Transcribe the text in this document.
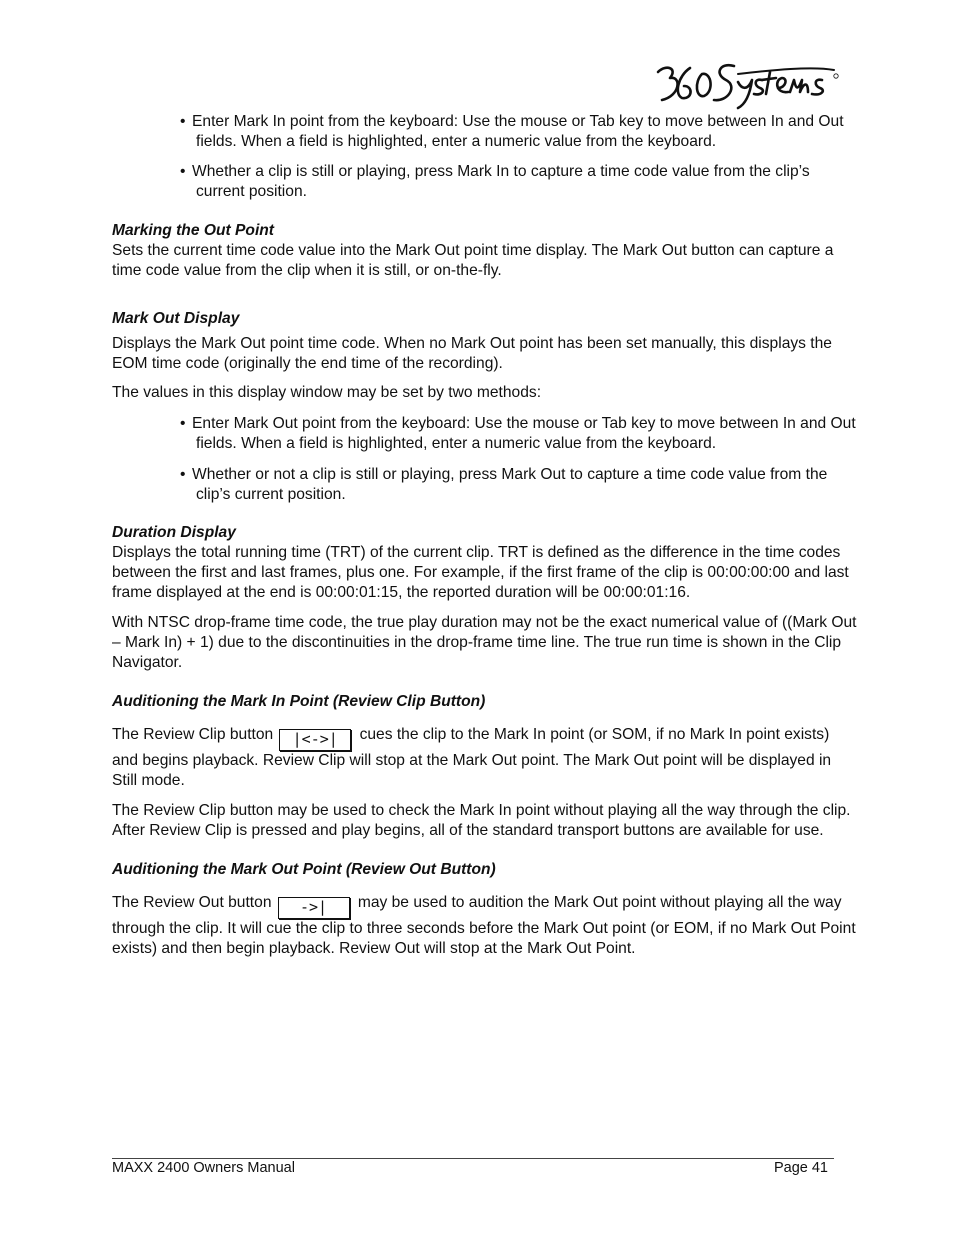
• Enter Mark In point from the keyboard: Use the mouse or Tab key to move between In and Out fields. When a field is highlighted, enter a numeric value from the keyboard.
• Whether a clip is still or playing, press Mark In to capture a time code value from the clip’s current position.
Marking the Out Point
Sets the current time code value into the Mark Out point time display. The Mark Out button can capture a time code value from the clip when it is still, or on-the-fly.
Mark Out Display
Displays the Mark Out point time code. When no Mark Out point has been set manually, this displays the EOM time code (originally the end time of the recording).
The values in this display window may be set by two methods:
• Enter Mark Out point from the keyboard: Use the mouse or Tab key to move between In and Out fields. When a field is highlighted, enter a numeric value from the keyboard.
• Whether or not a clip is still or playing, press Mark Out to capture a time code value from the clip’s current position.
Duration Display
Displays the total running time (TRT) of the current clip. TRT is defined as the difference in the time codes between the first and last frames, plus one. For example, if the first frame of the clip is 00:00:00:00 and last frame displayed at the end is 00:00:01:15, the reported duration will be 00:00:01:16.
With NTSC drop-frame time code, the true play duration may not be the exact numerical value of ((Mark Out – Mark In) + 1) due to the discontinuities in the drop-frame time line. The true run time is shown in the Clip Navigator.
Auditioning the Mark In Point (Review Clip Button)
The Review Clip button |<->| cues the clip to the Mark In point (or SOM, if no Mark In point exists) and begins playback. Review Clip will stop at the Mark Out point. The Mark Out point will be displayed in Still mode.
The Review Clip button may be used to check the Mark In point without playing all the way through the clip. After Review Clip is pressed and play begins, all of the standard transport buttons are available for use.
Auditioning the Mark Out Point (Review Out Button)
The Review Out button ->| may be used to audition the Mark Out point without playing all the way through the clip. It will cue the clip to three seconds before the Mark Out point (or EOM, if no Mark Out Point exists) and then begin playback. Review Out will stop at the Mark Out Point.
MAXX 2400 Owners Manual	Page 41
